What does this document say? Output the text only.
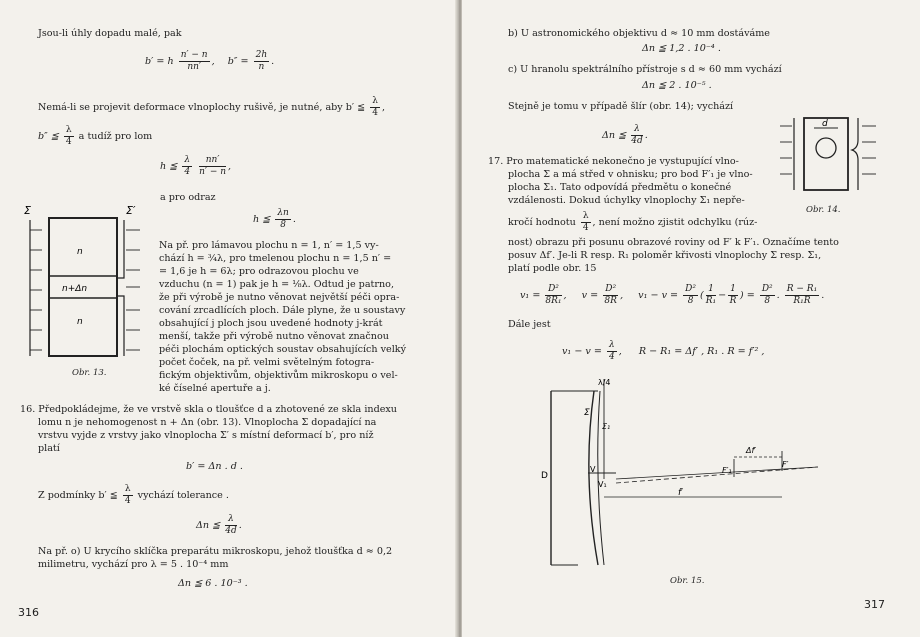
Jsou-li úhly dopadu malé, pak
b′ = h $\frac{n' - n}{nn'}$ , $b'' = \frac{2h}{n}$ .
Nemá-li se projevit deformace vlnoplochy rušivě, je nutné, aby b′ ≦ $\frac{\lambda}{4}$ ,
b″ ≦ $\frac{\lambda}{4}$ a tudíž pro lom
h ≦ $\frac{\lambda}{4}$
$\frac{nn'}{n' - n}$ ,
a pro odraz
h ≦ $\frac{\lambda n}{8}$ .
Na př. pro lámavou plochu n = 1, n′ = 1,5 vy-
chází h = ¾λ, pro tmelenou plochu n = 1,5 n′ =
= 1,6 je h = 6λ; pro odrazovou plochu ve
vzduchu (n = 1) pak je h = ⅛λ. Odtud je patrno,
že při výrobě je nutno věnovat největší péči opra-
cování zrcadlících ploch. Dále plyne, že u soustavy
obsahující j ploch jsou uvedené hodnoty j-krát
menší, takže při výrobě nutno věnovat značnou
péči plochám optických soustav obsahujících velký
počet čoček, na př. velmi světelným fotogra-
fickým objektivům, objektivům mikroskopu o vel-
ké číselné apertuře a j.
Σ	Σ′
n
n+Δn
n
Obr. 13.
16. Předpokládejme, že ve vrstvě skla o tloušťce d a zhotovené ze skla indexu
lomu n je nehomogenost n + Δn (obr. 13). Vlnoplocha Σ dopadající na
vrstvu vyjde z vrstvy jako vlnoplocha Σ′ s místní deformací b′, pro níž
platí
b′ = Δn . d .
Z podmínky b′ ≦ $\frac{\lambda}{4}$ vychází tolerance .
Δn ≦ $\frac{\lambda}{4d}$ .
Na př. o) U krycího sklíčka preparátu mikroskopu, jehož tloušťka d ≈ 0,2
milimetru, vychází pro λ = 5 . 10⁻⁴ mm
Δn ≦ 6 . 10⁻³ .
316
b) U astronomického objektivu d ≈ 10 mm dostáváme
Δn ≦ 1,2 . 10⁻⁴ .
c) U hranolu spektrálního přístroje s d ≈ 60 mm vychází
Δn ≦ 2 . 10⁻⁵ .
Stejně je tomu v případě šlír (obr. 14); vychází
Δn ≦ $\frac{\lambda}{4d}$ .
d
Obr. 14.
17. Pro matematické nekonečno je vystupující vlno-
plocha Σ a má střed v ohnisku; pro bod F′₁ je vlno-
plocha Σ₁. Tato odpovídá předmětu o konečné
vzdálenosti. Dokud úchylky vlnoplochy Σ₁ nepře-
kročí hodnotu $\frac{\lambda}{4}$ , není možno zjistit odchylku (rúz-
nost) obrazu při posunu obrazové roviny od F′ k F′₁. Označíme tento
posuv Δf′. Je-li R resp. R₁ poloměr křivosti vlnoplochy Σ resp. Σ₁,
platí podle obr. 15
$v_1 = \frac{\text{D²}}{\text{8R₁}}$ , $v = \frac{\text{D²}}{8R}$ , $v_1 - v = \frac{\text{D²}}{8}$ ( $\frac{1}{\text{R₁}} - \frac{1}{R}$ ) = $\frac{\text{D²}}{8}$ . $\frac{\text{R − R₁}}{\text{R₁R}}$ .
Dále jest
$v_1 - v = \frac{\lambda}{4}$ , R − R₁ = Δf′ , R₁ . R = f′² ,
λ/4
Σ
Σ₁
D
V
V₁
Δf′
F′₁
F′
f′
Obr. 15.
317
